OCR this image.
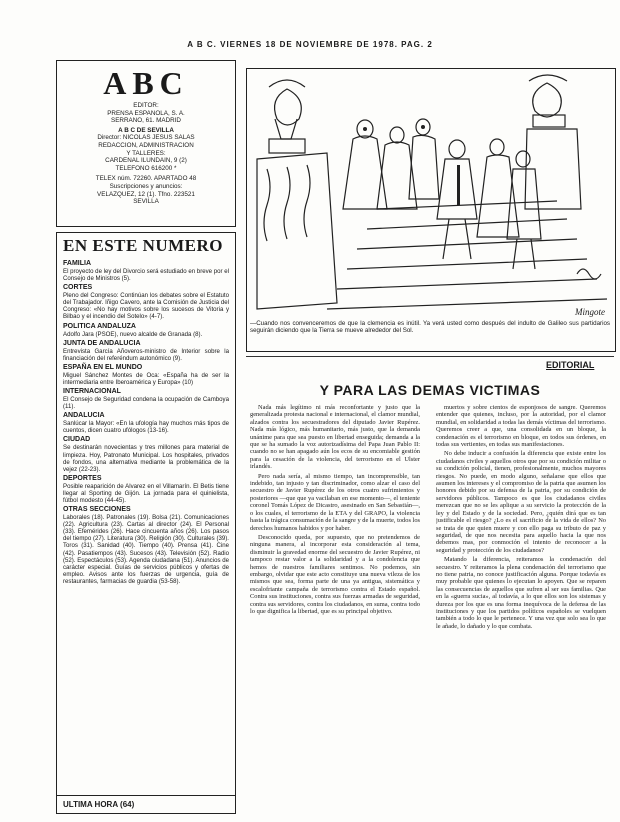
A B C. VIERNES 18 DE NOVIEMBRE DE 1978. PAG. 2
ABC
EDITOR:
PRENSA ESPAÑOLA, S. A.
SERRANO, 61. MADRID
A B C DE SEVILLA
Director: NICOLAS JESUS SALAS
REDACCION, ADMINISTRACION
Y TALLERES:
CARDENAL ILUNDAIN, 9 (2)
TELEFONO 616200 *
TELEX núm. 72260. APARTADO 48
Suscripciones y anuncios:
VELAZQUEZ, 12 (1). Tfno. 223521
SEVILLA
EN ESTE NUMERO
FAMILIA
El proyecto de ley del Divorcio será estudiado en breve por el Consejo de Ministros (5).
CORTES
Pleno del Congreso: Continúan los debates sobre el Estatuto del Trabajador. Iñigo Cavero, ante la Comisión de Justicia del Congreso: «No hay motivos sobre los sucesos de Vitoria y Bilbao y el incendio del Sotelo» (4-7).
POLITICA ANDALUZA
Adolfo Jara (PSOE), nuevo alcalde de Granada (8).
JUNTA DE ANDALUCIA
Entrevista García Añoveros-ministro de Interior sobre la financiación del referéndum autonómico (9).
ESPAÑA EN EL MUNDO
Miguel Sánchez Montes de Oca: «España ha de ser la intermediaria entre Iberoamérica y Europa» (10)
INTERNACIONAL
El Consejo de Seguridad condena la ocupación de Camboya (11).
ANDALUCIA
Sanlúcar la Mayor: «En la ufología hay muchos más tipos de cuentos, dicen cuatro ufólogos (13-16).
CIUDAD
Se destinarán novecientas y tres millones para material de limpieza. Hoy, Patronato Municipal. Los hospitales, privados de fondos, una alternativa mediante la problemática de la vejez (22-23).
DEPORTES
Posible reaparición de Alvarez en el Villamarín. El Betis tiene llegar al Sporting de Gijón. La jornada para el quinielista, fútbol modesto (44-45).
OTRAS SECCIONES
Laborales (18). Patronales (19). Bolsa (21). Comunicaciones (22). Agricultura (23). Cartas al director (24). El Personal (33). Efemérides (26). Hace cincuenta años (26). Los pasos del tiempo (27). Literatura (30). Religión (30). Culturales (39). Toros (31). Sanidad (40). Tiempo (40). Prensa (41). Cine (42). Pasatiempos (43). Sucesos (43). Televisión (52). Radio (52). Espectáculos (53). Agenda ciudadana (51). Anuncios de carácter especial. Guías de servicios públicos y ofertas de empleo. Avisos ante los fuerzas de urgencia, guía de restaurantes, farmacias de guardia (53-58).
ULTIMA HORA (64)
Mingote
—Cuando nos convenceremos de que la clemencia es inútil. Ya verá usted como después del indulto de Galileo sus partidarios seguirán diciendo que la Tierra se mueve alrededor del Sol.
EDITORIAL
Y PARA LAS DEMAS VICTIMAS

Nada más legítimo ni más reconfortante y justo que la generalizada protesta nacional e internacional, el clamor mundial, alzados contra los secuestradores del diputado Javier Rupérez. Nada más lógico, más humanitario, más justo, que la demanda unánime para que sea puesto en libertad enseguida; demanda a la que se ha sumado la voz autorizadísima del Papa Juan Pablo II: cuando no se han apagado aún los ecos de su encomiable gestión para la cesación de la violencia, del terrorismo en el Ulster irlandés.

Pero nada sería, al mismo tiempo, tan incomprensible, tan indebido, tan injusto y tan discriminador, como alzar el caso del secuestro de Javier Rupérez de los otros cuatro sufrimientos y posteriores —que que ya vacilaban en ese momento—, el teniente coronel Tomás López de Dicastro, asesinado en San Sebastián—, o los cuales, el terrorismo de la ETA y del GRAPO, la violencia hasta la trágica consumación de la sangre y de la muerte, todos los derechos humanos habidos y por haber.

Desconocido queda, por supuesto, que no pretendemos de ninguna manera, al incorporar esta consideración al tema, disminuir la gravedad enorme del secuestro de Javier Rupérez, ni tampoco restar valor a la solidaridad y a la condolencia que hemos de nuestros familiares sentimos. No podemos, sin embargo, olvidar que este acto constituye una nueva vileza de los mismos que sea, forma parte de una ya antigua, sistemática y escalofriante campaña de terrorismo contra el Estado español. Contra sus instituciones, contra sus fuerzas armadas de seguridad, contra sus servidores, contra los ciudadanos, en suma, contra todo lo que dignifica la libertad, que es su principal objetivo.

muertos y sobre cientos de esponjosos de sangre. Queremos entender que quienes, incluso, por la autoridad, por el clamor mundial, en solidaridad a todas las demás víctimas del terrorismo. Queremos creer a que, una consolidada en un bloque, la condenación es el terrorismo en bloque, en todos sus órdenes, en todas sus vertientes, en todas sus manifestaciones.

No debe inducir a confusión la diferencia que existe entre los ciudadanos civiles y aquellos otros que por su condición militar o su condición policial, tienen, profesionalmente, muchos mayores riesgos. No puede, en modo alguno, señalarse que ellos que asumen los intereses y el compromiso de la patria que asumen los honores debido por su defensa de la patria, por su condición de servidores públicos. Tampoco es que los ciudadanos civiles merezcan que no se les aplique a su servicio la protección de la ley y del Estado y de la sociedad. Pero, ¿quién dirá que es tan justificable el riesgo? ¿Lo es el sacrificio de la vida de ellos? No se trata de que quien muere y con ello paga su tributo de paz y seguridad, de que nos necesita para aquello hacia la que nos debemos mas, por conmoción el intento de reconocer a la seguridad y protección de los ciudadanos?

Matando la diferencia, reiteramos la condenación del secuestro. Y reiteramos la plena condenación del terrorismo que no tiene patria, no conoce justificación alguna. Porque todavía es muy probable que quienes lo ejecutan lo apoyen. Que se reparen las consecuencias de aquellos que sufren al ser sus familias. Que en la «guerra sucia», al todavía, a lo que ellos son los sistemas y dureza por los que es una forma inequívoca de la defensa de las instituciones y que los partidos políticos españoles se vuelquen también a todo lo que le pertenece. Y una vez que solo sea lo que le añade, lo dañado y lo que combata.
